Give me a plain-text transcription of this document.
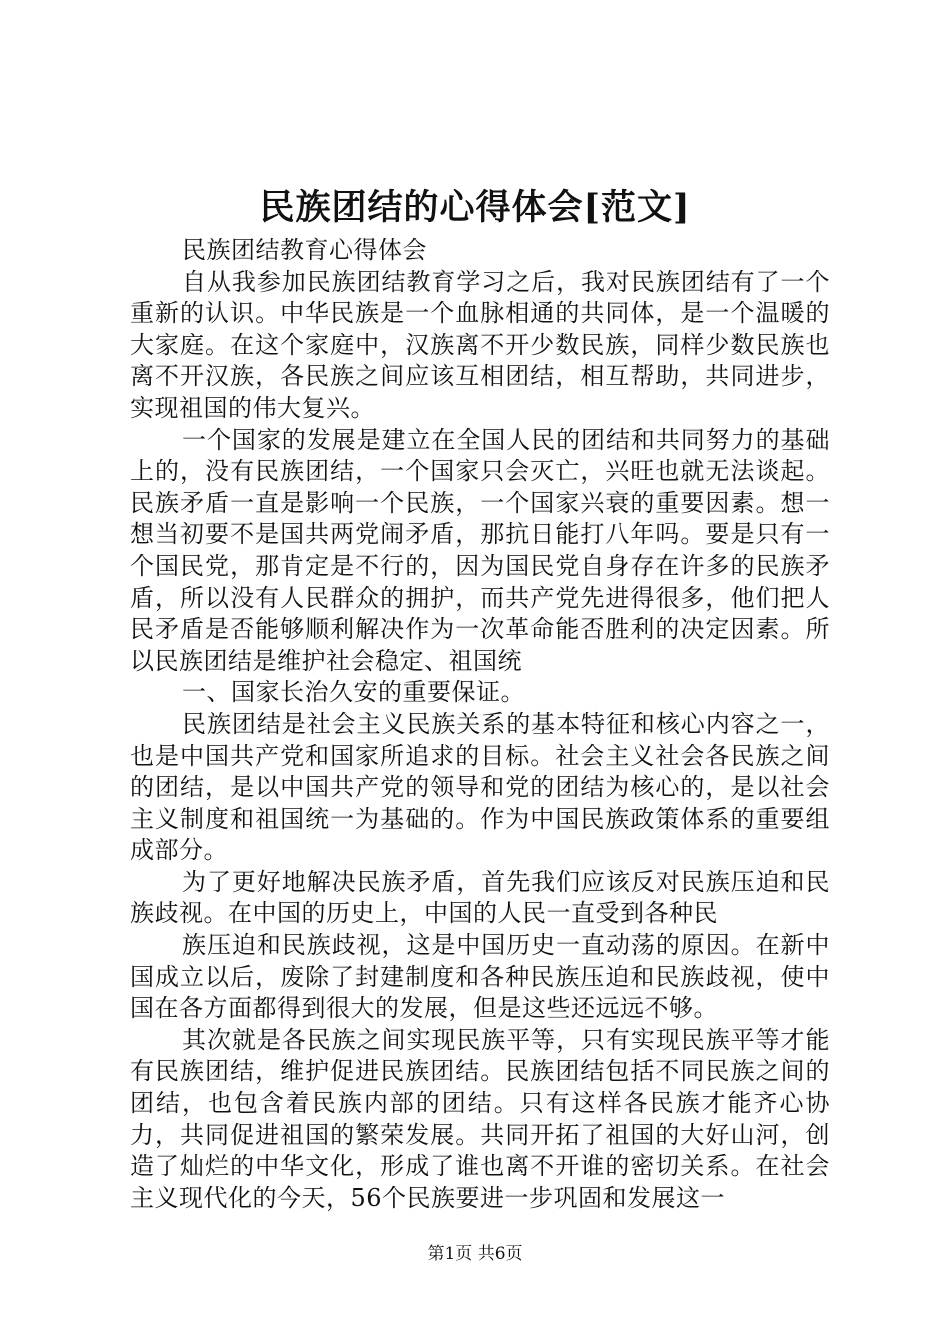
民族团结的心得体会[范文]

民族团结教育心得体会

自从我参加民族团结教育学习之后，我对民族团结有了一个重新的认识。中华民族是一个血脉相通的共同体，是一个温暖的大家庭。在这个家庭中，汉族离不开少数民族，同样少数民族也离不开汉族，各民族之间应该互相团结，相互帮助，共同进步，实现祖国的伟大复兴。

一个国家的发展是建立在全国人民的团结和共同努力的基础上的，没有民族团结，一个国家只会灭亡，兴旺也就无法谈起。民族矛盾一直是影响一个民族，一个国家兴衰的重要因素。想一想当初要不是国共两党闹矛盾，那抗日能打八年吗。要是只有一个国民党，那肯定是不行的，因为国民党自身存在许多的民族矛盾，所以没有人民群众的拥护，而共产党先进得很多，他们把人民矛盾是否能够顺利解决作为一次革命能否胜利的决定因素。所以民族团结是维护社会稳定、祖国统

一、国家长治久安的重要保证。

民族团结是社会主义民族关系的基本特征和核心内容之一，也是中国共产党和国家所追求的目标。社会主义社会各民族之间的团结，是以中国共产党的领导和党的团结为核心的，是以社会主义制度和祖国统一为基础的。作为中国民族政策体系的重要组成部分。

为了更好地解决民族矛盾，首先我们应该反对民族压迫和民族歧视。在中国的历史上，中国的人民一直受到各种民

族压迫和民族歧视，这是中国历史一直动荡的原因。在新中国成立以后，废除了封建制度和各种民族压迫和民族歧视，使中国在各方面都得到很大的发展，但是这些还远远不够。

其次就是各民族之间实现民族平等，只有实现民族平等才能有民族团结，维护促进民族团结。民族团结包括不同民族之间的团结，也包含着民族内部的团结。只有这样各民族才能齐心协力，共同促进祖国的繁荣发展。共同开拓了祖国的大好山河，创造了灿烂的中华文化，形成了谁也离不开谁的密切关系。在社会主义现代化的今天，56个民族要进一步巩固和发展这一

第1页 共6页
